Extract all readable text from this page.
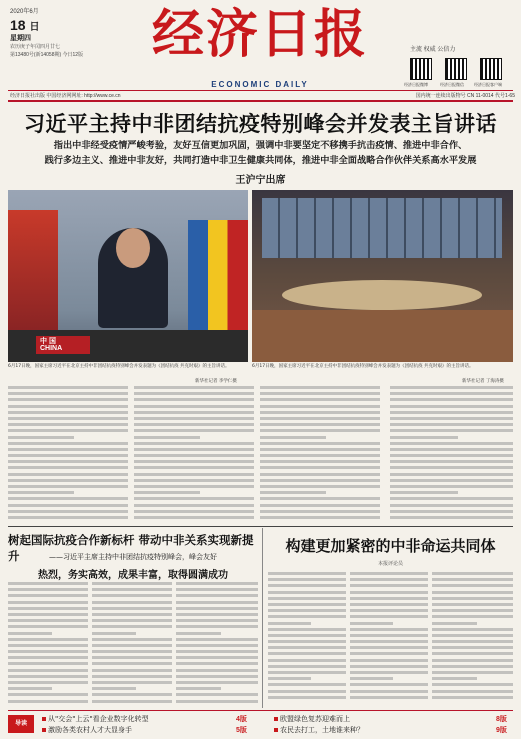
2020年6月
18 日
星期四
农历庚子年闰四月廿七
第13480号(新14058期) 今日12版	经济日报
ECONOMIC DAILY
主流 权威 公信力
经济日报微博	经济日报微信	经济日报客户端
经济日报社出版 中国经济网网址: http://www.ce.cn	国内统一连续出版物号 CN 11-0014 代号1-65
习近平主持中非团结抗疫特别峰会并发表主旨讲话
指出中非经受疫情严峻考验，友好互信更加巩固，强调中非要坚定不移携手抗击疫情、推进中非合作、
践行多边主义、推进中非友好，共同打造中非卫生健康共同体，推进中非全面战略合作伙伴关系高水平发展
王沪宁出席
中 国
CHINA
6月17日晚，国家主席习近平在北京主持中非团结抗疫特别峰会并发表题为《团结抗疫 共克时艰》的主旨讲话。	6月17日晚，国家主席习近平在北京主持中非团结抗疫特别峰会并发表题为《团结抗疫 共克时艰》的主旨讲话。
新华社记者 李学仁摄	新华社记者 丁海涛摄
树起国际抗疫合作新标杆 带动中非关系实现新提升	——习近平主席主持中非团结抗疫特别峰会，峰会友好
热烈，务实高效，成果丰富，取得圆满成功
构建更加紧密的中非命运共同体
本报评论员
导读
从"交会"上云"看企业数字化转型	4版	欧盟绿色复苏迎难而上	8版
激励各类农村人才大显身手	5版	农民去打工，土地谁来种？	9版
